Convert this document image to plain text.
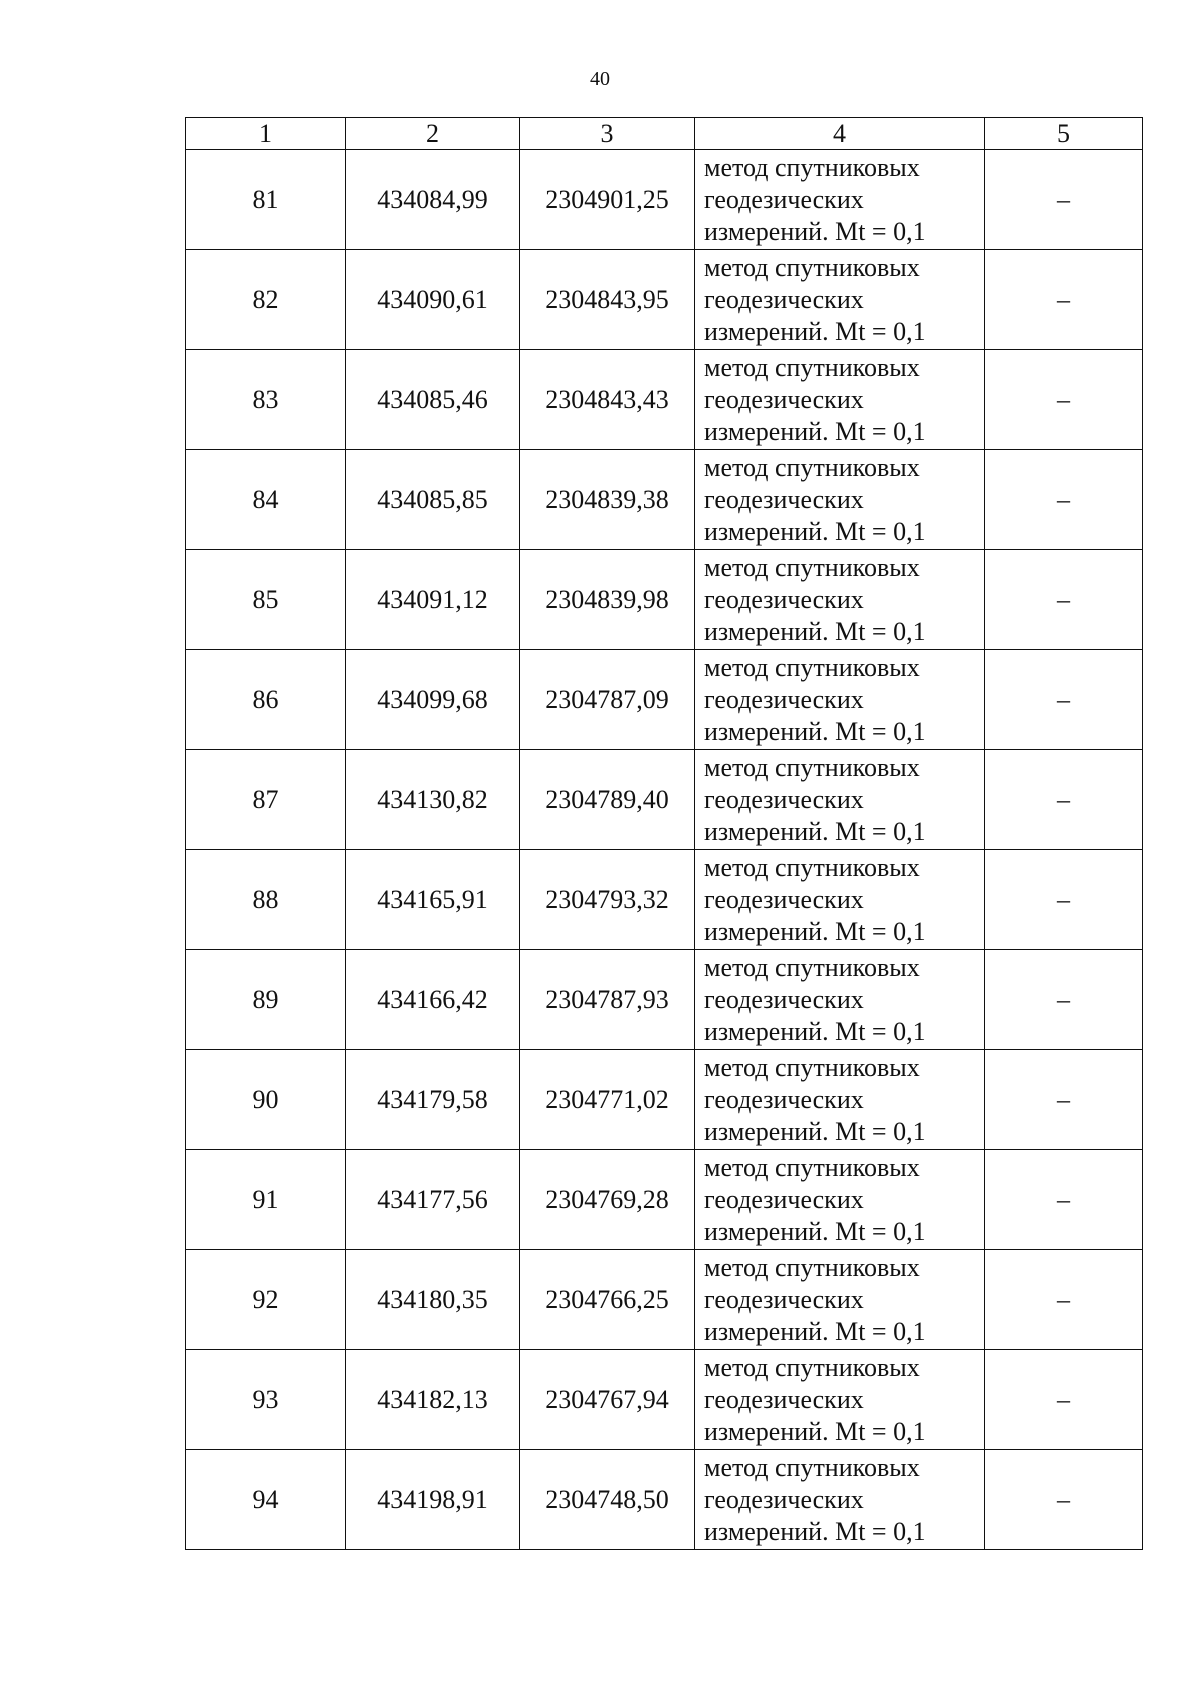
40
1	2	3	4	5
81	434084,99	2304901,25	метод спутниковых
геодезических
измерений. Mt = 0,1	–
82	434090,61	2304843,95	метод спутниковых
геодезических
измерений. Mt = 0,1	–
83	434085,46	2304843,43	метод спутниковых
геодезических
измерений. Mt = 0,1	–
84	434085,85	2304839,38	метод спутниковых
геодезических
измерений. Mt = 0,1	–
85	434091,12	2304839,98	метод спутниковых
геодезических
измерений. Mt = 0,1	–
86	434099,68	2304787,09	метод спутниковых
геодезических
измерений. Mt = 0,1	–
87	434130,82	2304789,40	метод спутниковых
геодезических
измерений. Mt = 0,1	–
88	434165,91	2304793,32	метод спутниковых
геодезических
измерений. Mt = 0,1	–
89	434166,42	2304787,93	метод спутниковых
геодезических
измерений. Mt = 0,1	–
90	434179,58	2304771,02	метод спутниковых
геодезических
измерений. Mt = 0,1	–
91	434177,56	2304769,28	метод спутниковых
геодезических
измерений. Mt = 0,1	–
92	434180,35	2304766,25	метод спутниковых
геодезических
измерений. Mt = 0,1	–
93	434182,13	2304767,94	метод спутниковых
геодезических
измерений. Mt = 0,1	–
94	434198,91	2304748,50	метод спутниковых
геодезических
измерений. Mt = 0,1	–
